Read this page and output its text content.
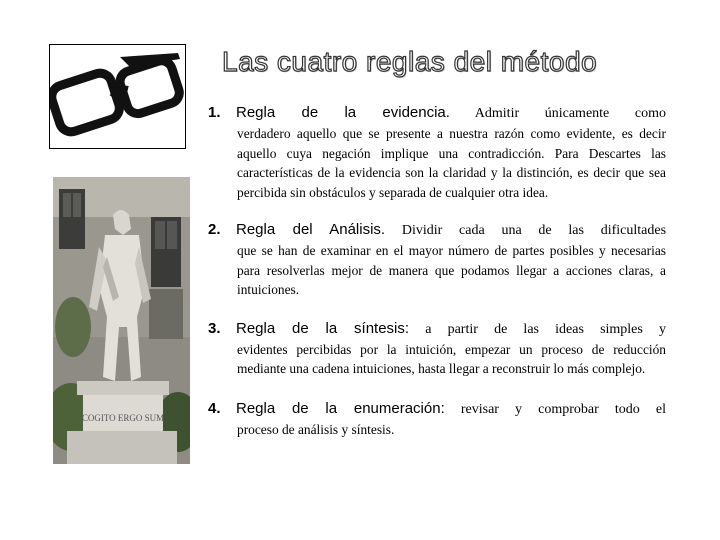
COGITO ERGO SUM
Las cuatro reglas del método
1. Regla de la evidencia. Admitir únicamente como
verdadero aquello que se presente a nuestra razón como evidente, es decir aquello cuya negación implique una contradicción. Para Descartes las características de la evidencia son la claridad y la distinción, es decir que sea percibida sin obstáculos y separada de cualquier otra idea.
2. Regla del Análisis. Dividir cada una de las dificultades
que se han de examinar en el mayor número de partes posibles y necesarias para resolverlas mejor de manera que podamos llegar a acciones claras, a intuiciones.
3. Regla de la síntesis: a partir de las ideas simples y
evidentes percibidas por la intuición, empezar un proceso de reducción mediante una cadena intuiciones, hasta llegar a reconstruir lo más complejo.
4. Regla de la enumeración: revisar y comprobar todo el
proceso de análisis y síntesis.
